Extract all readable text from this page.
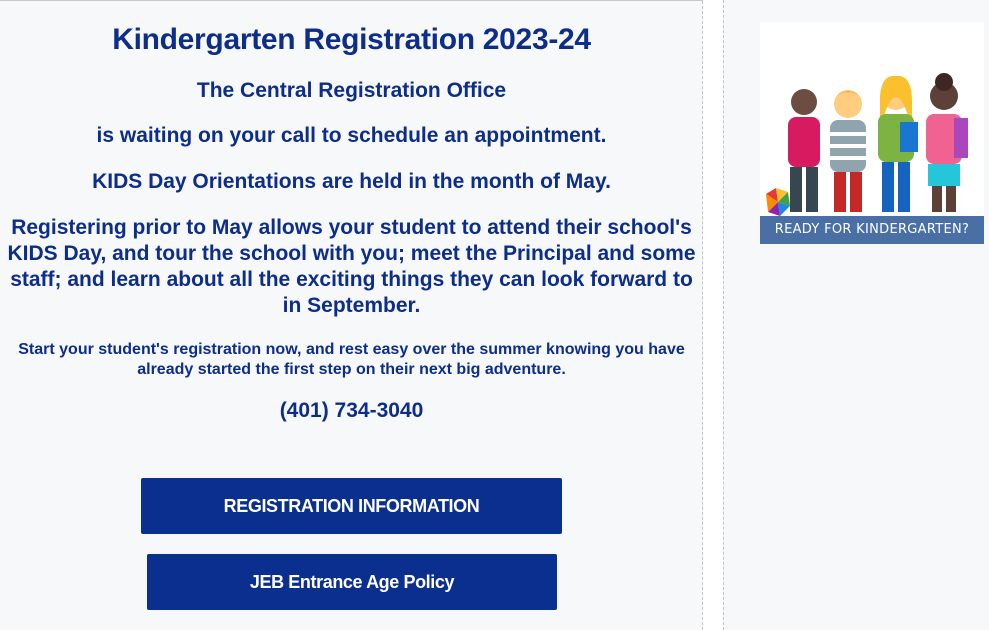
Kindergarten Registration 2023-24

The Central Registration Office

is waiting on your call to schedule an appointment.

KIDS Day Orientations are held in the month of May.

Registering prior to May allows your student to attend their school's KIDS Day, and tour the school with you; meet the Principal and some staff; and learn about all the exciting things they can look forward to in September.

Start your student's registration now, and rest easy over the summer knowing you have already started the first step on their next big adventure.

(401) 734-3040

REGISTRATION INFORMATION
JEB Entrance Age Policy
READY FOR KINDERGARTEN?
